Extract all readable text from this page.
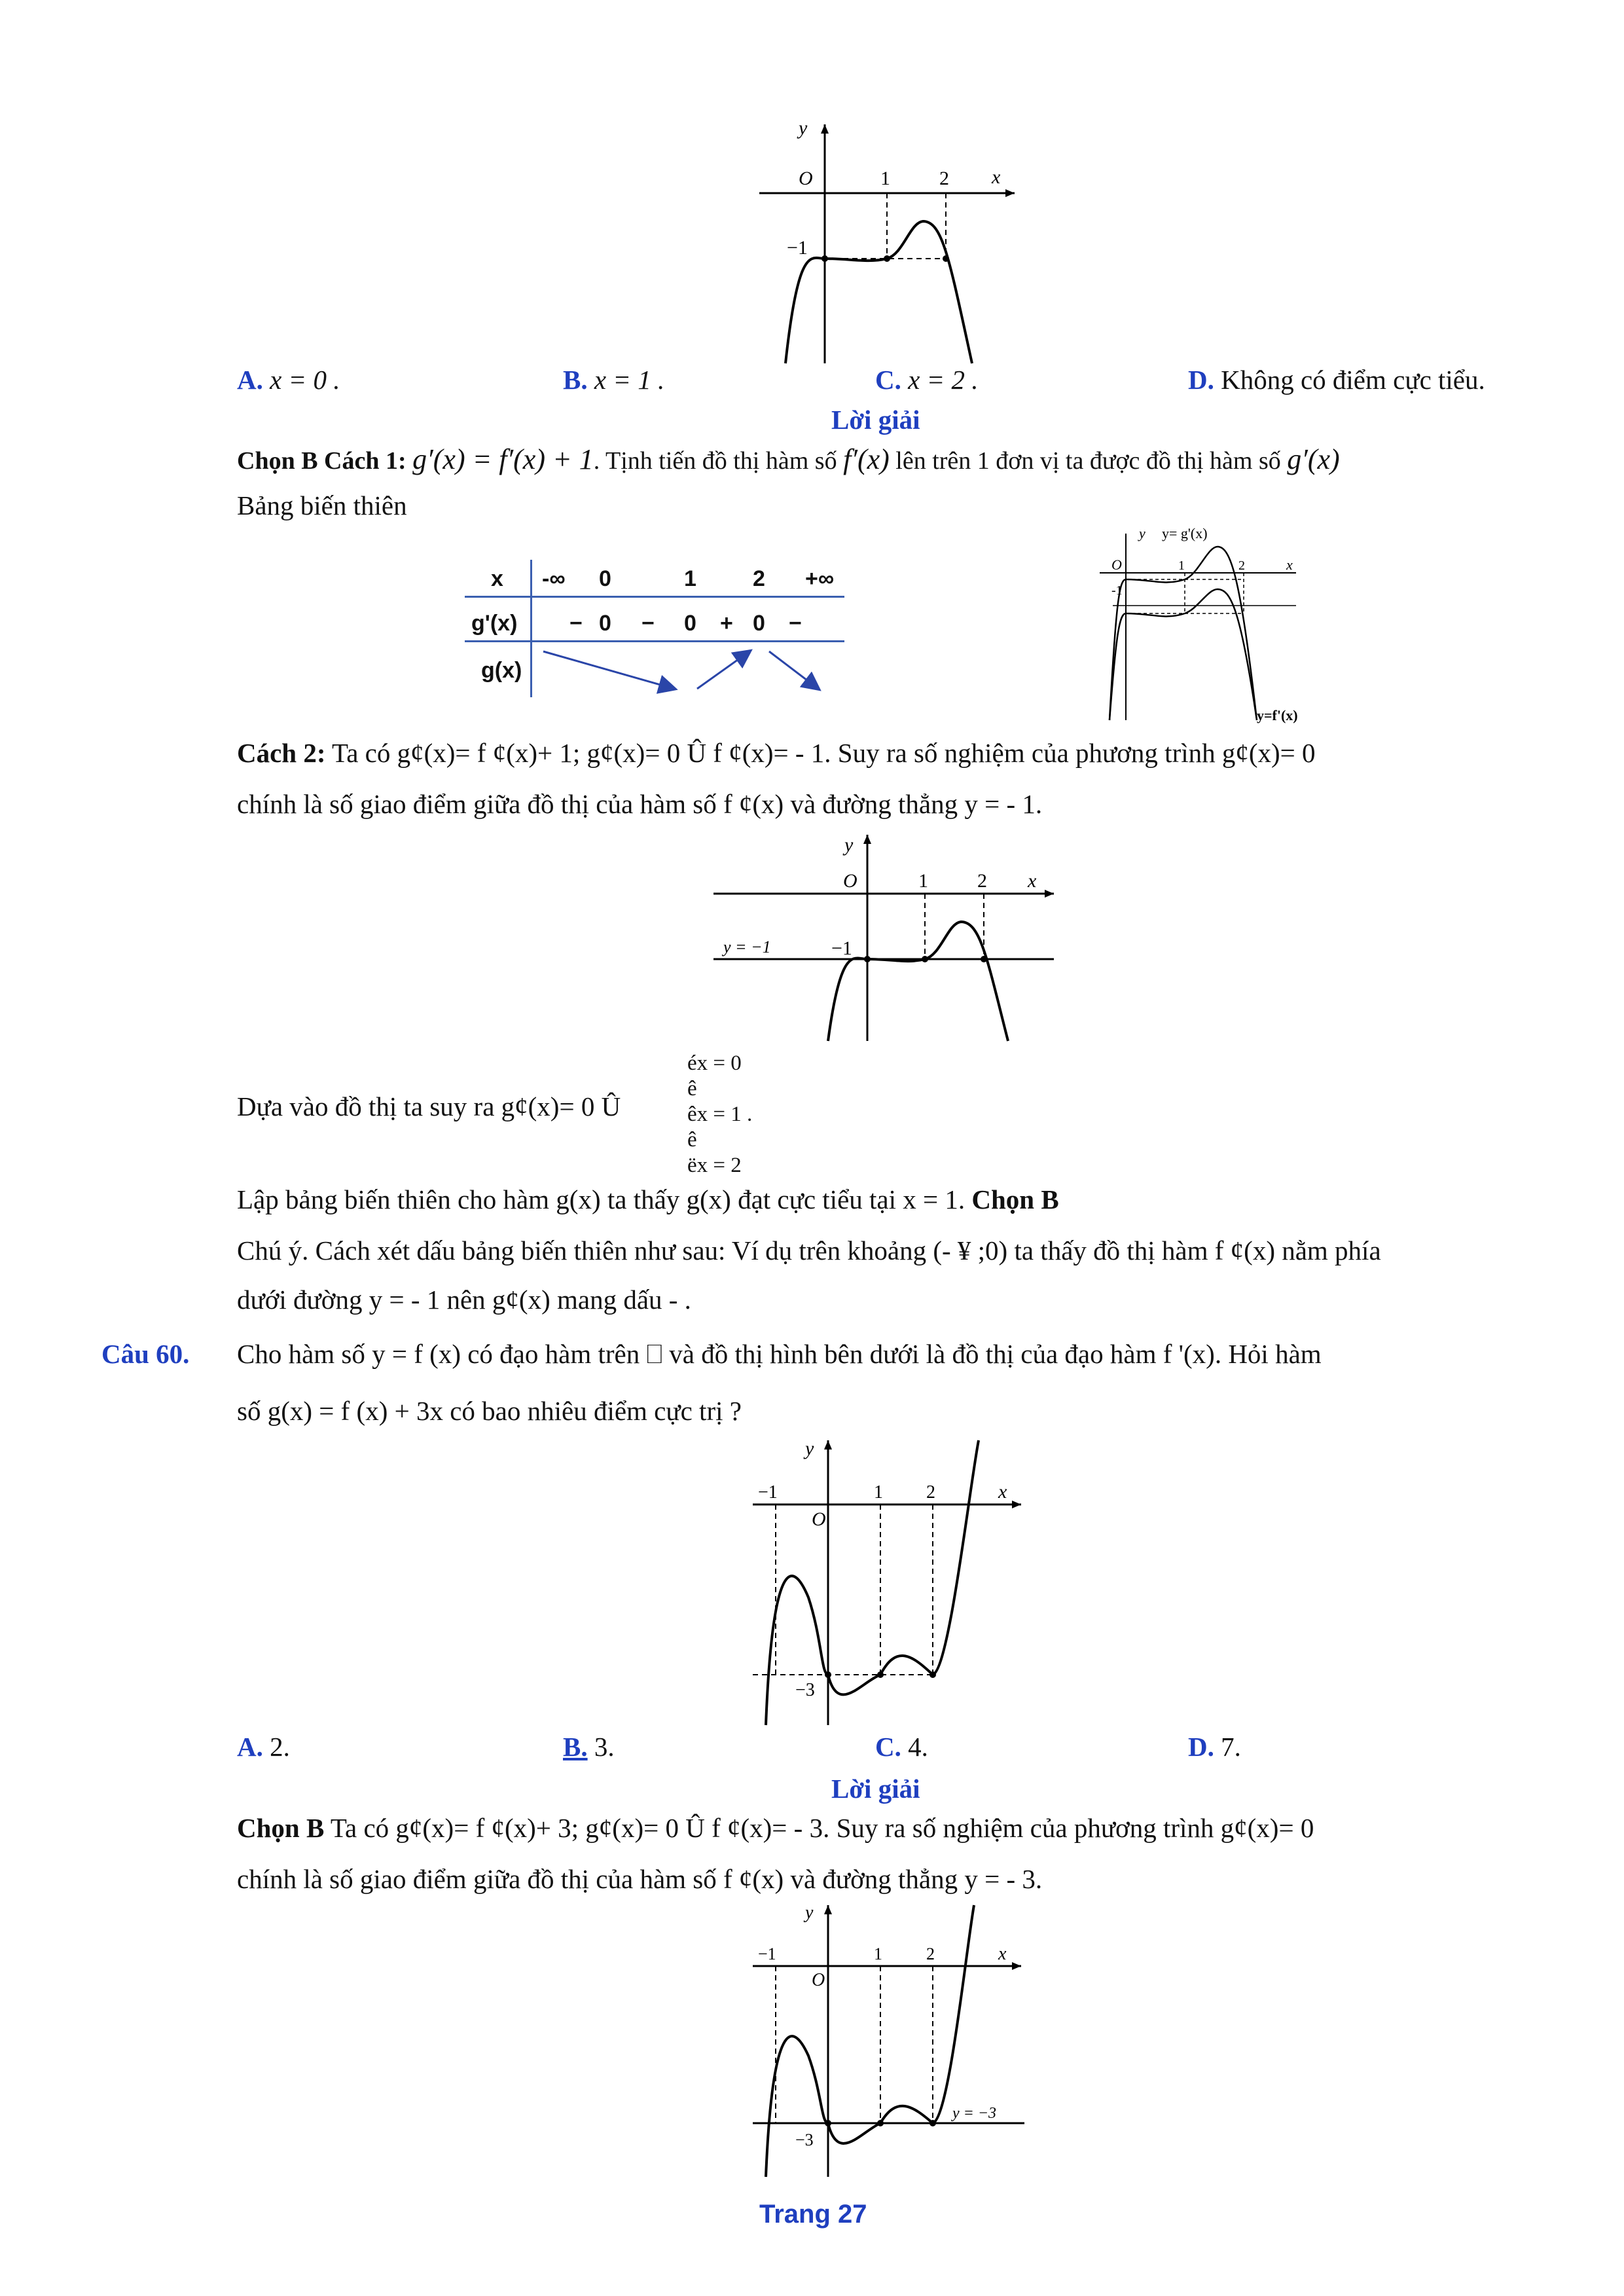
y
x
O	1	2
−1
A. x = 0 .	B. x = 1 .	C. x = 2 .	D. Không có điểm cực tiểu.
Lời giải
Chọn B Cách 1: g′(x) = f′(x) + 1. Tịnh tiến đồ thị hàm số f′(x) lên trên 1 đơn vị ta được đồ thị hàm số g′(x)
Bảng biến thiên
x -∞ 0	1	2 +∞
g'(x) − 0 − 0 + 0 −
g(x)
y y= g'(x)
O	1	2	x
-1
y=f'(x)
Cách 2: Ta có g¢(x)= f ¢(x)+ 1; g¢(x)= 0 Û f ¢(x)= - 1. Suy ra số nghiệm của phương trình g¢(x)= 0
chính là số giao điểm giữa đồ thị của hàm số f ¢(x) và đường thẳng y = - 1.
y
x
O	1	2
−1
y = −1
Dựa vào đồ thị ta suy ra g¢(x)= 0 Û
éx = 0
ê
êx = 1 .
ê
ëx = 2
Lập bảng biến thiên cho hàm g(x) ta thấy g(x) đạt cực tiểu tại x = 1. Chọn B
Chú ý. Cách xét dấu bảng biến thiên như sau: Ví dụ trên khoảng (- ¥ ;0) ta thấy đồ thị hàm f ¢(x) nằm phía
dưới đường y = - 1 nên g¢(x) mang dấu - .
Câu 60. Cho hàm số y = f (x) có đạo hàm trên ⎕ và đồ thị hình bên dưới là đồ thị của đạo hàm f '(x). Hỏi hàm
số g(x) = f (x) + 3x có bao nhiêu điểm cực trị ?
y
x
O
−1	1 2
−3
A. 2.	B. 3.	C. 4.	D. 7.
Lời giải
Chọn B Ta có g¢(x)= f ¢(x)+ 3; g¢(x)= 0 Û f ¢(x)= - 3. Suy ra số nghiệm của phương trình g¢(x)= 0
chính là số giao điểm giữa đồ thị của hàm số f ¢(x) và đường thẳng y = - 3.
y
x
O
−1	1	2
−3
y = −3
Trang 27
